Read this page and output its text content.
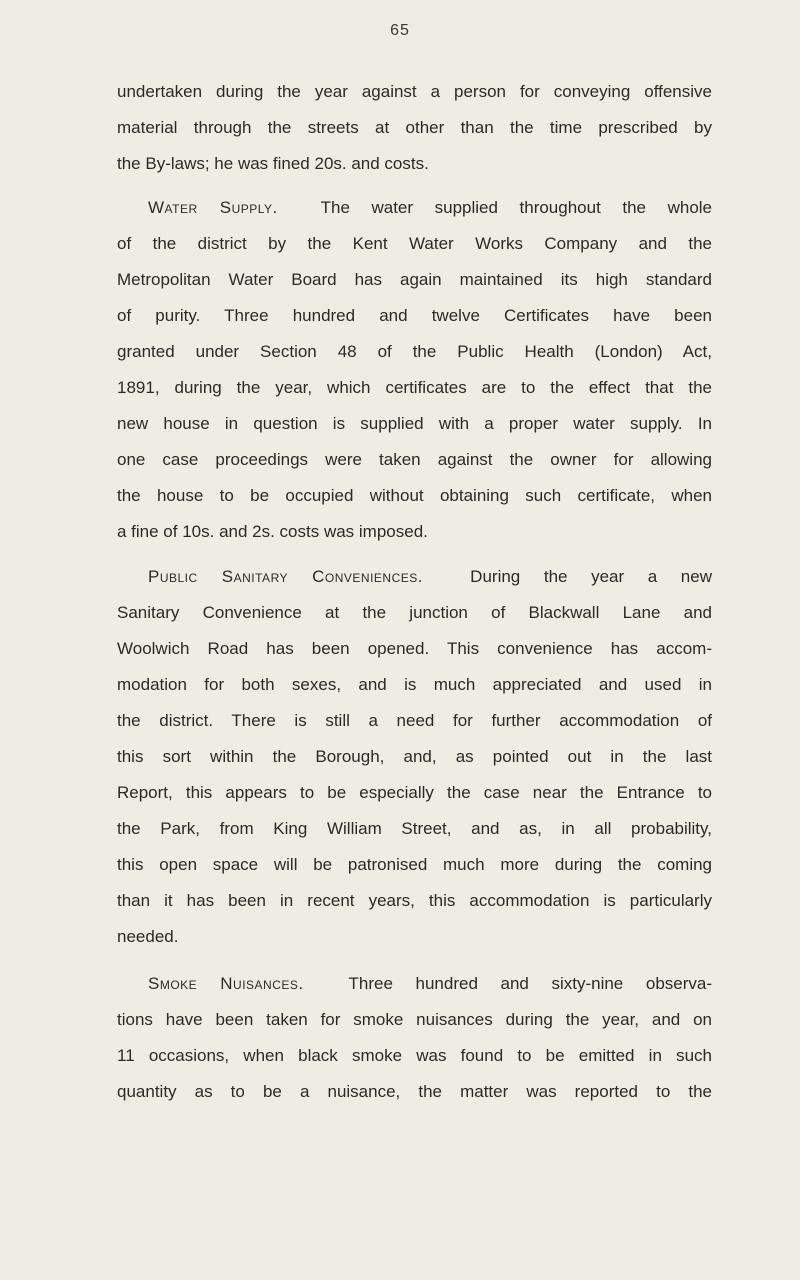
65
undertaken during the year against a person for conveying offensive
material through the streets at other than the time prescribed by
the By-laws; he was fined 20s. and costs.
Water Supply.	The water supplied throughout the whole
of the district by the Kent Water Works Company and the
Metropolitan Water Board has again maintained its high standard
of purity. Three hundred and twelve Certificates have been
granted under Section 48 of the Public Health (London) Act,
1891, during the year, which certificates are to the effect that the
new house in question is supplied with a proper water supply. In
one case proceedings were taken against the owner for allowing
the house to be occupied without obtaining such certificate, when
a fine of 10s. and 2s. costs was imposed.
Public Sanitary Conveniences.	During the year a new
Sanitary Convenience at the junction of Blackwall Lane and
Woolwich Road has been opened. This convenience has accom-
modation for both sexes, and is much appreciated and used in
the district. There is still a need for further accommodation of
this sort within the Borough, and, as pointed out in the last
Report, this appears to be especially the case near the Entrance to
the Park, from King William Street, and as, in all probability,
this open space will be patronised much more during the coming
than it has been in recent years, this accommodation is particularly
needed.
Smoke Nuisances.	Three hundred and sixty-nine observa-
tions have been taken for smoke nuisances during the year, and on
11 occasions, when black smoke was found to be emitted in such
quantity as to be a nuisance, the matter was reported to the
